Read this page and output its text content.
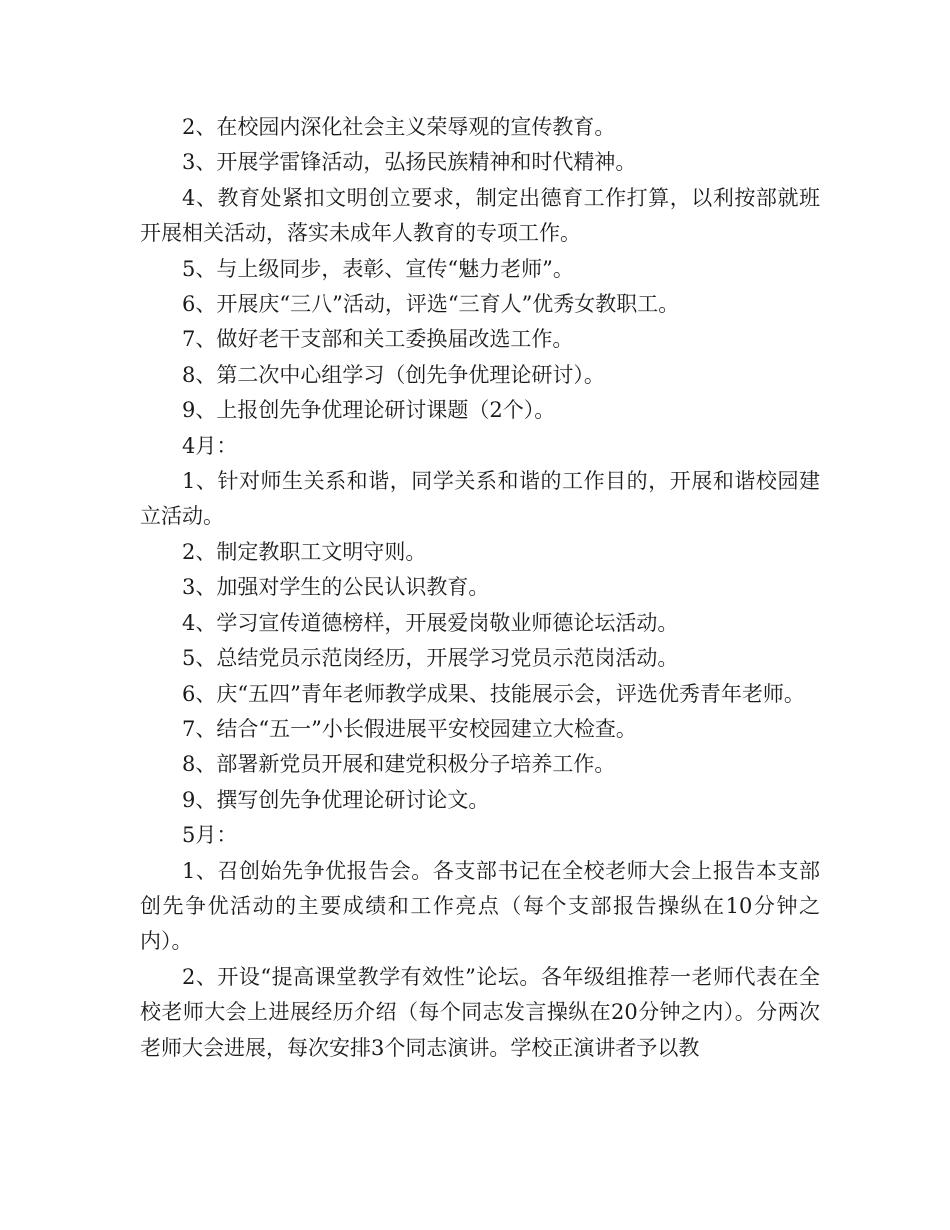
2、在校园内深化社会主义荣辱观的宣传教育。

3、开展学雷锋活动，弘扬民族精神和时代精神。

4、教育处紧扣文明创立要求，制定出德育工作打算，以利按部就班开展相关活动，落实未成年人教育的专项工作。

5、与上级同步，表彰、宣传“魅力老师”。

6、开展庆“三八”活动，评选“三育人”优秀女教职工。

7、做好老干支部和关工委换届改选工作。

8、第二次中心组学习（创先争优理论研讨）。

9、上报创先争优理论研讨课题（2个）。

4月：

1、针对师生关系和谐，同学关系和谐的工作目的，开展和谐校园建立活动。

2、制定教职工文明守则。

3、加强对学生的公民认识教育。

4、学习宣传道德榜样，开展爱岗敬业师德论坛活动。

5、总结党员示范岗经历，开展学习党员示范岗活动。

6、庆“五四”青年老师教学成果、技能展示会，评选优秀青年老师。

7、结合“五一”小长假进展平安校园建立大检查。

8、部署新党员开展和建党积极分子培养工作。

9、撰写创先争优理论研讨论文。

5月：

1、召创始先争优报告会。各支部书记在全校老师大会上报告本支部创先争优活动的主要成绩和工作亮点（每个支部报告操纵在10分钟之内）。

2、开设“提高课堂教学有效性”论坛。各年级组推荐一老师代表在全校老师大会上进展经历介绍（每个同志发言操纵在20分钟之内）。分两次老师大会进展，每次安排3个同志演讲。学校正演讲者予以教
